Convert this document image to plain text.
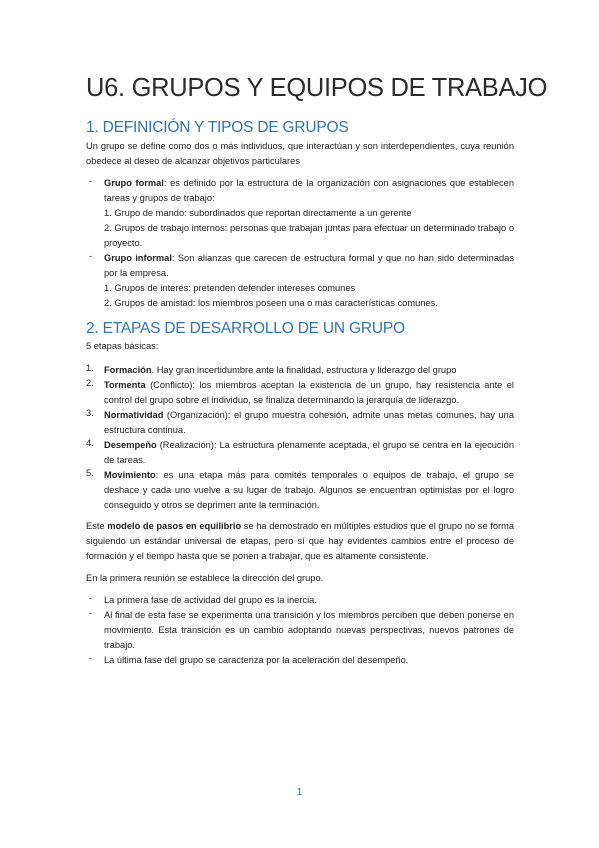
U6. GRUPOS Y EQUIPOS DE TRABAJO
1. DEFINICIÓN Y TIPOS DE GRUPOS
Un grupo se define como dos o más individuos, que interactúan y son interdependientes, cuya reunión obedece al deseo de alcanzar objetivos particulares
- Grupo formal: es definido por la estructura de la organización con asignaciones que establecen tareas y grupos de trabajo:
1. Grupo de mando: subordinados que reportan directamente a un gerente
2. Grupos de trabajo internos: personas que trabajan juntas para efectuar un determinado trabajo o proyecto.
- Grupo informal: Son alianzas que carecen de estructura formal y que no han sido determinadas por la empresa.
1. Grupos de interés: pretenden defender intereses comunes
2. Grupos de amistad: los miembros poseen una o más características comunes.
2. ETAPAS DE DESARROLLO DE UN GRUPO
5 etapas básicas:
1. Formación. Hay gran incertidumbre ante la finalidad, estructura y liderazgo del grupo
2. Tormenta (Conflicto): los miembros aceptan la existencia de un grupo, hay resistencia ante el control del grupo sobre el individuo, se finaliza determinando la jerarquía de liderazgo.
3. Normatividad (Organización): el grupo muestra cohesión, admite unas metas comunes, hay una estructura continua.
4. Desempeño (Realización): La estructura plenamente aceptada, el grupo se centra en la ejecución de tareas.
5. Movimiento: es una etapa más para comités temporales o equipos de trabajo, el grupo se deshace y cada uno vuelve a su lugar de trabajo. Algunos se encuentran optimistas por el logro conseguido y otros se deprimen ante la terminación.
Este modelo de pasos en equilibrio se ha demostrado en múltiples estudios que el grupo no se forma siguiendo un estándar universal de etapas, pero sí que hay evidentes cambios entre el proceso de formación y el tiempo hasta que se ponen a trabajar, que es altamente consistente.
En la primera reunión se establece la dirección del grupo.
- La primera fase de actividad del grupo es la inercia.
- Al final de esta fase se experimenta una transición y los miembros perciben que deben ponerse en movimiento. Esta transición es un cambio adoptando nuevas perspectivas, nuevos patrones de trabajo.
- La última fase del grupo se caracteriza por la aceleración del desempeño.
1
